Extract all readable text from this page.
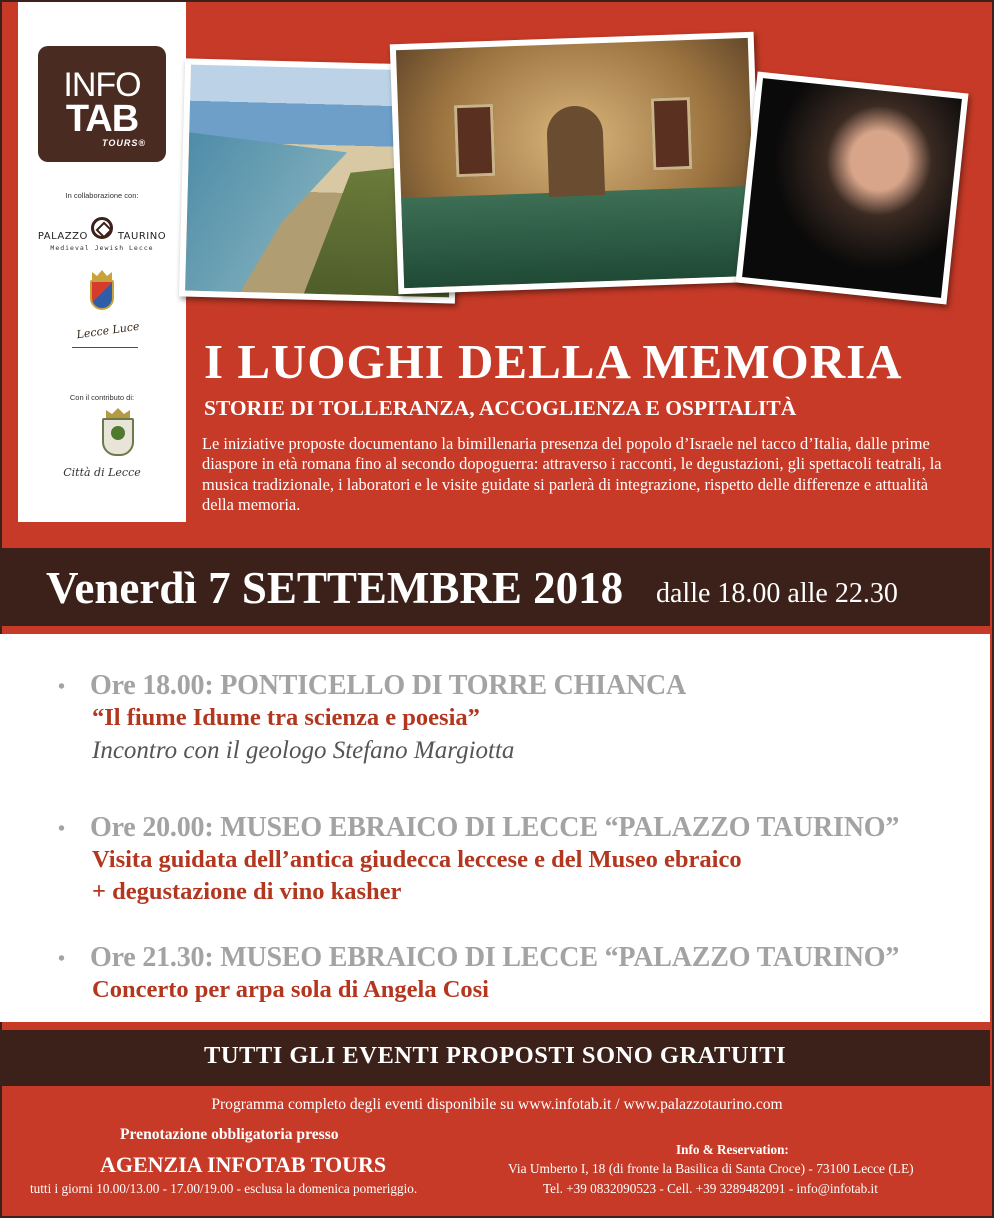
INFO
TAB
TOURS®
In collaborazione con:
PALAZZO	TAURINO
Medieval Jewish Lecce
Lecce Luce
Con il contributo di:
Città di Lecce
I LUOGHI DELLA MEMORIA
STORIE DI TOLLERANZA, ACCOGLIENZA E OSPITALITÀ
Le iniziative proposte documentano la bimillenaria presenza del popolo d’Israele nel tacco d’Italia, dalle prime diaspore in età romana fino al secondo dopoguerra: attraverso i racconti, le degustazioni, gli spettacoli teatrali, la musica tradizionale, i laboratori e le visite guidate si parlerà di integrazione, rispetto delle differenze e attualità della memoria.
Venerdì 7 SETTEMBRE 2018 dalle 18.00 alle 22.30
• Ore 18.00: PONTICELLO DI TORRE CHIANCA
“Il fiume Idume tra scienza e poesia”
Incontro con il geologo Stefano Margiotta
• Ore 20.00: MUSEO EBRAICO DI LECCE “PALAZZO TAURINO”
Visita guidata dell’antica giudecca leccese e del Museo ebraico
+ degustazione di vino kasher
• Ore 21.30: MUSEO EBRAICO DI LECCE “PALAZZO TAURINO”
Concerto per arpa sola di Angela Cosi
TUTTI GLI EVENTI PROPOSTI SONO GRATUITI
Programma completo degli eventi disponibile su www.infotab.it / www.palazzotaurino.com
Prenotazione obbligatoria presso
AGENZIA INFOTAB TOURS
tutti i giorni 10.00/13.00 - 17.00/19.00 - esclusa la domenica pomeriggio.
Info & Reservation:
Via Umberto I, 18 (di fronte la Basilica di Santa Croce) - 73100 Lecce (LE)
Tel. +39 0832090523 - Cell. +39 3289482091 - info@infotab.it
